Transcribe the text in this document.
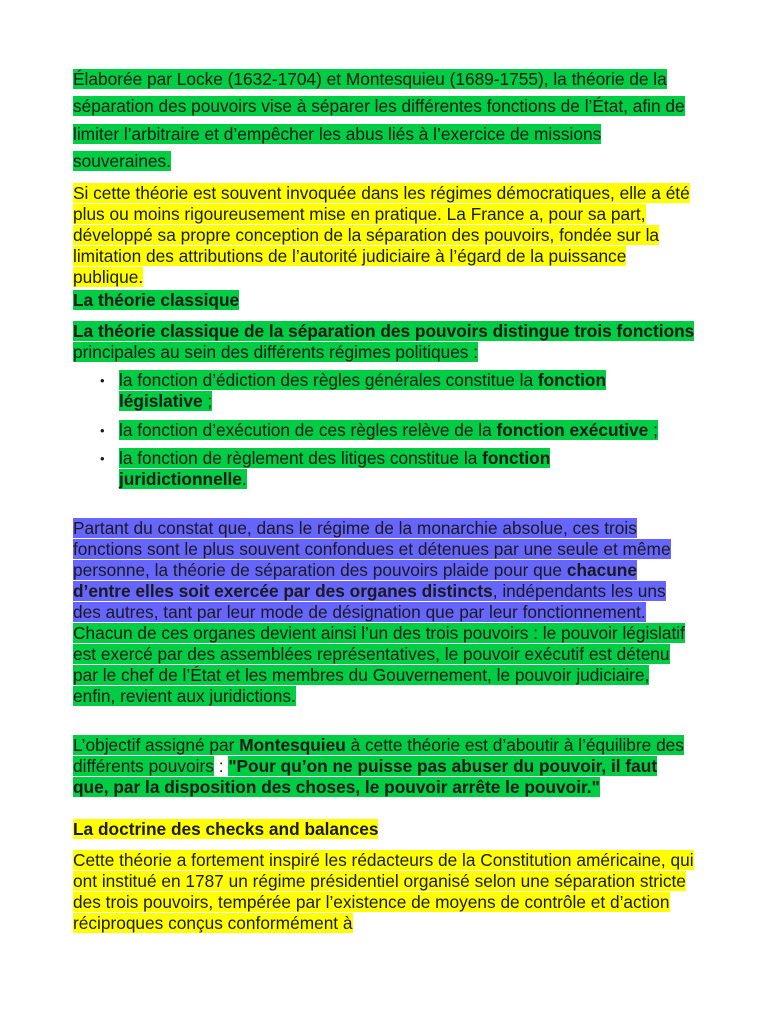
Élaborée par Locke (1632-1704) et Montesquieu (1689-1755), la théorie de la séparation des pouvoirs vise à séparer les différentes fonctions de l’État, afin de limiter l’arbitraire et d’empêcher les abus liés à l’exercice de missions souveraines.

Si cette théorie est souvent invoquée dans les régimes démocratiques, elle a été plus ou moins rigoureusement mise en pratique. La France a, pour sa part, développé sa propre conception de la séparation des pouvoirs, fondée sur la limitation des attributions de l’autorité judiciaire à l’égard de la puissance publique.

La théorie classique

La théorie classique de la séparation des pouvoirs distingue trois fonctions principales au sein des différents régimes politiques :

• la fonction d’édiction des règles générales constitue la fonction législative ;
• la fonction d’exécution de ces règles relève de la fonction exécutive ;
• la fonction de règlement des litiges constitue la fonction juridictionnelle.

Partant du constat que, dans le régime de la monarchie absolue, ces trois fonctions sont le plus souvent confondues et détenues par une seule et même personne, la théorie de séparation des pouvoirs plaide pour que chacune d’entre elles soit exercée par des organes distincts, indépendants les uns des autres, tant par leur mode de désignation que par leur fonctionnement. Chacun de ces organes devient ainsi l’un des trois pouvoirs : le pouvoir législatif est exercé par des assemblées représentatives, le pouvoir exécutif est détenu par le chef de l’État et les membres du Gouvernement, le pouvoir judiciaire, enfin, revient aux juridictions.

L’objectif assigné par Montesquieu à cette théorie est d’aboutir à l’équilibre des différents pouvoirs : "Pour qu’on ne puisse pas abuser du pouvoir, il faut que, par la disposition des choses, le pouvoir arrête le pouvoir."

La doctrine des checks and balances

Cette théorie a fortement inspiré les rédacteurs de la Constitution américaine, qui ont institué en 1787 un régime présidentiel organisé selon une séparation stricte des trois pouvoirs, tempérée par l’existence de moyens de contrôle et d’action réciproques conçus conformément à
